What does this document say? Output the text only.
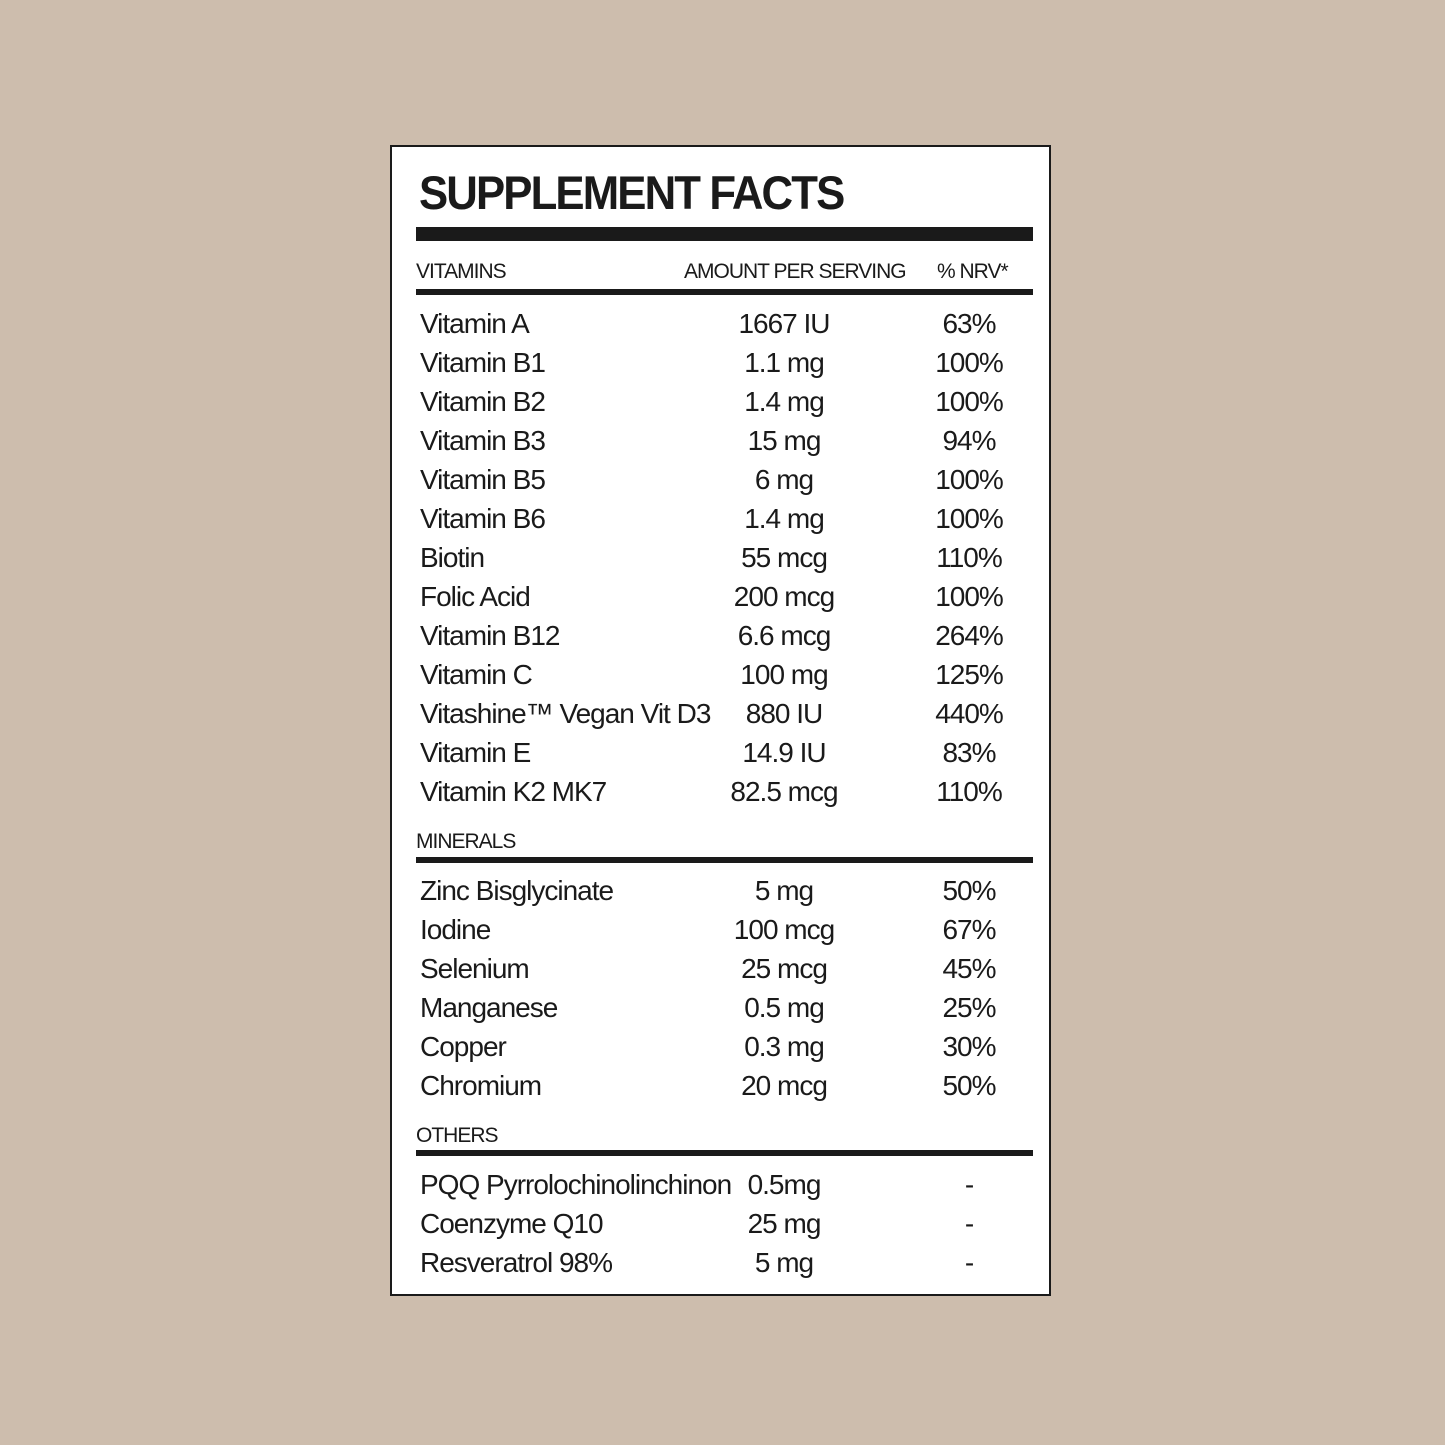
SUPPLEMENT FACTS
VITAMINS	AMOUNT PER SERVING % NRV*
Vitamin A	1667 IU	63%
Vitamin B1	1.1 mg	100%
Vitamin B2	1.4 mg	100%
Vitamin B3	15 mg	94%
Vitamin B5	6 mg	100%
Vitamin B6	1.4 mg	100%
Biotin	55 mcg	110%
Folic Acid	200 mcg	100%
Vitamin B12	6.6 mcg	264%
Vitamin C	100 mg	125%
Vitashine™ Vegan Vit D3	880 IU	440%
Vitamin E	14.9 IU	83%
Vitamin K2 MK7	82.5 mcg	110%
MINERALS
Zinc Bisglycinate	5 mg	50%
Iodine	100 mcg	67%
Selenium	25 mcg	45%
Manganese	0.5 mg	25%
Copper	0.3 mg	30%
Chromium	20 mcg	50%
OTHERS
PQQ Pyrrolochinolinchinon 0.5mg	-
Coenzyme Q10	25 mg	-
Resveratrol 98%	5 mg	-
